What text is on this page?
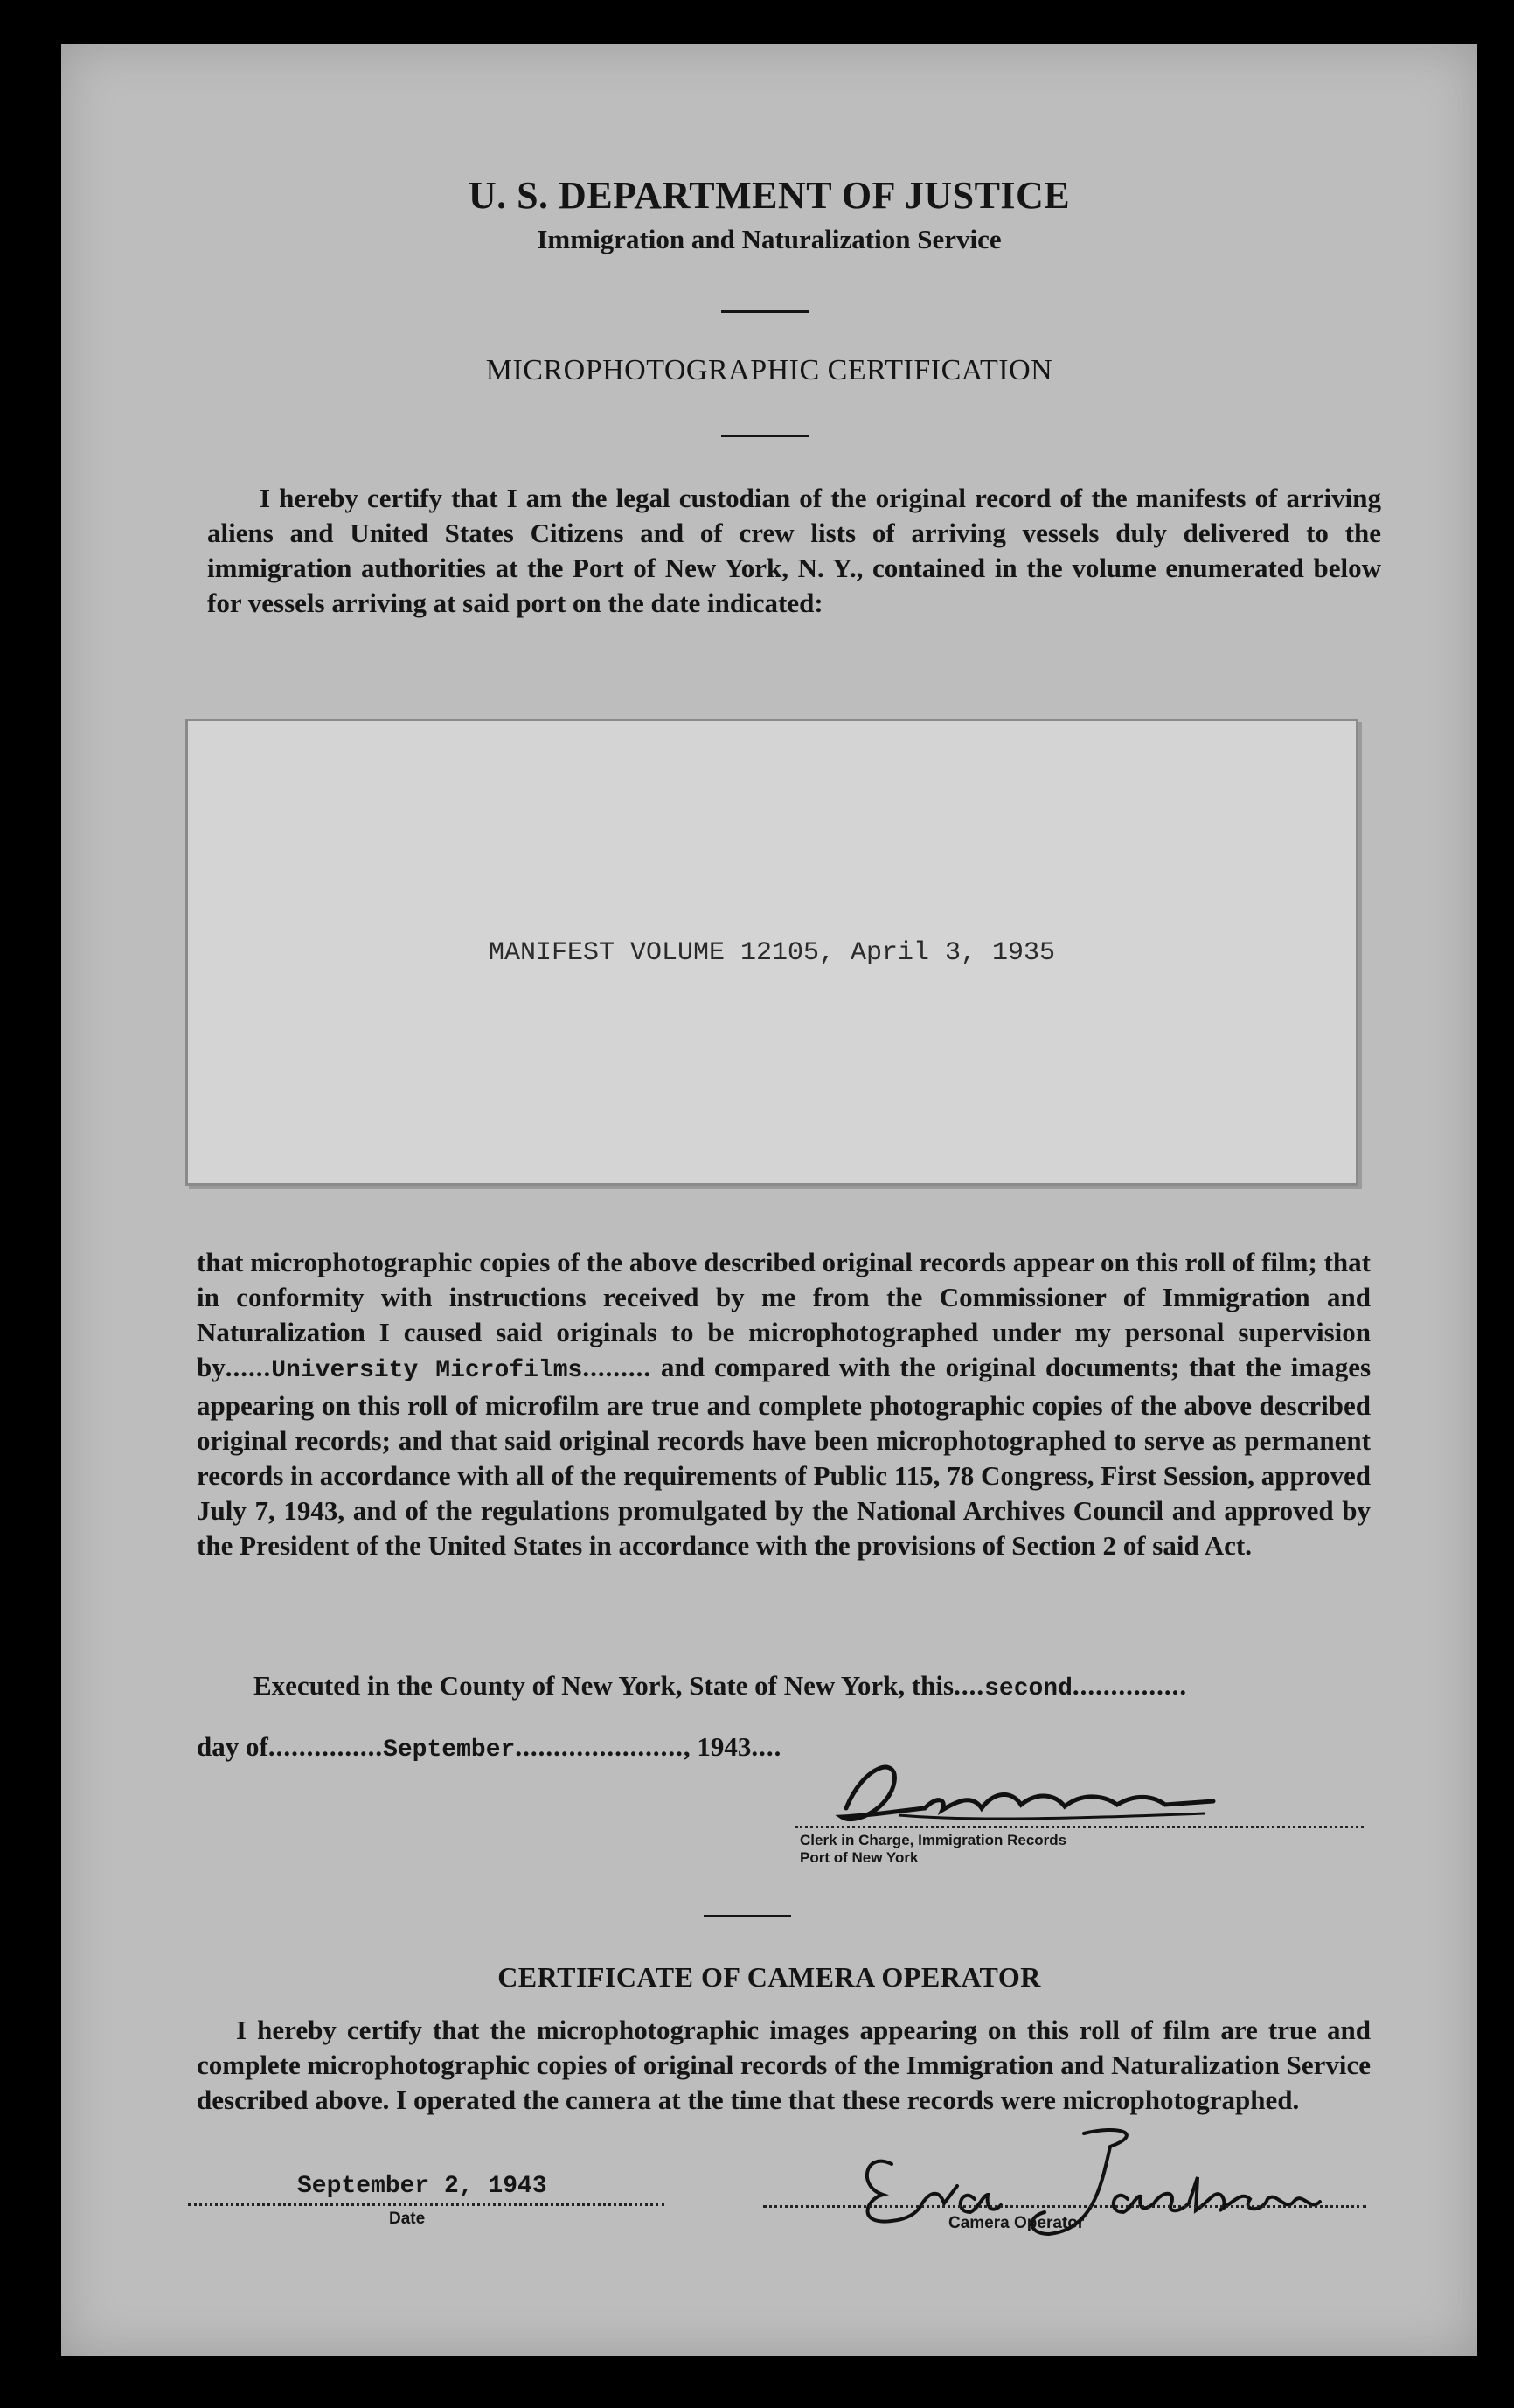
U. S. DEPARTMENT OF JUSTICE
Immigration and Naturalization Service
MICROPHOTOGRAPHIC CERTIFICATION
I hereby certify that I am the legal custodian of the original record of the manifests of arriving aliens and United States Citizens and of crew lists of arriving vessels duly delivered to the immigration authorities at the Port of New York, N. Y., contained in the volume enumerated below for vessels arriving at said port on the date indicated:
MANIFEST VOLUME 12105, April 3, 1935
that microphotographic copies of the above described original records appear on this roll of film; that in conformity with instructions received by me from the Commissioner of Immigration and Naturalization I caused said originals to be microphotographed under my personal supervision by......University Microfilms......... and compared with the original documents; that the images appearing on this roll of microfilm are true and complete photographic copies of the above described original records; and that said original records have been microphotographed to serve as permanent records in accordance with all of the requirements of Public 115, 78 Congress, First Session, approved July 7, 1943, and of the regulations promulgated by the National Archives Council and approved by the President of the United States in accordance with the provisions of Section 2 of said Act.
Executed in the County of New York, State of New York, this....second...............
day of...............September......................, 1943....
Clerk in Charge, Immigration Records
Port of New York
CERTIFICATE OF CAMERA OPERATOR
I hereby certify that the microphotographic images appearing on this roll of film are true and complete microphotographic copies of original records of the Immigration and Naturalization Service described above. I operated the camera at the time that these records were microphotographed.
September 2, 1943
Date	Camera Operator
